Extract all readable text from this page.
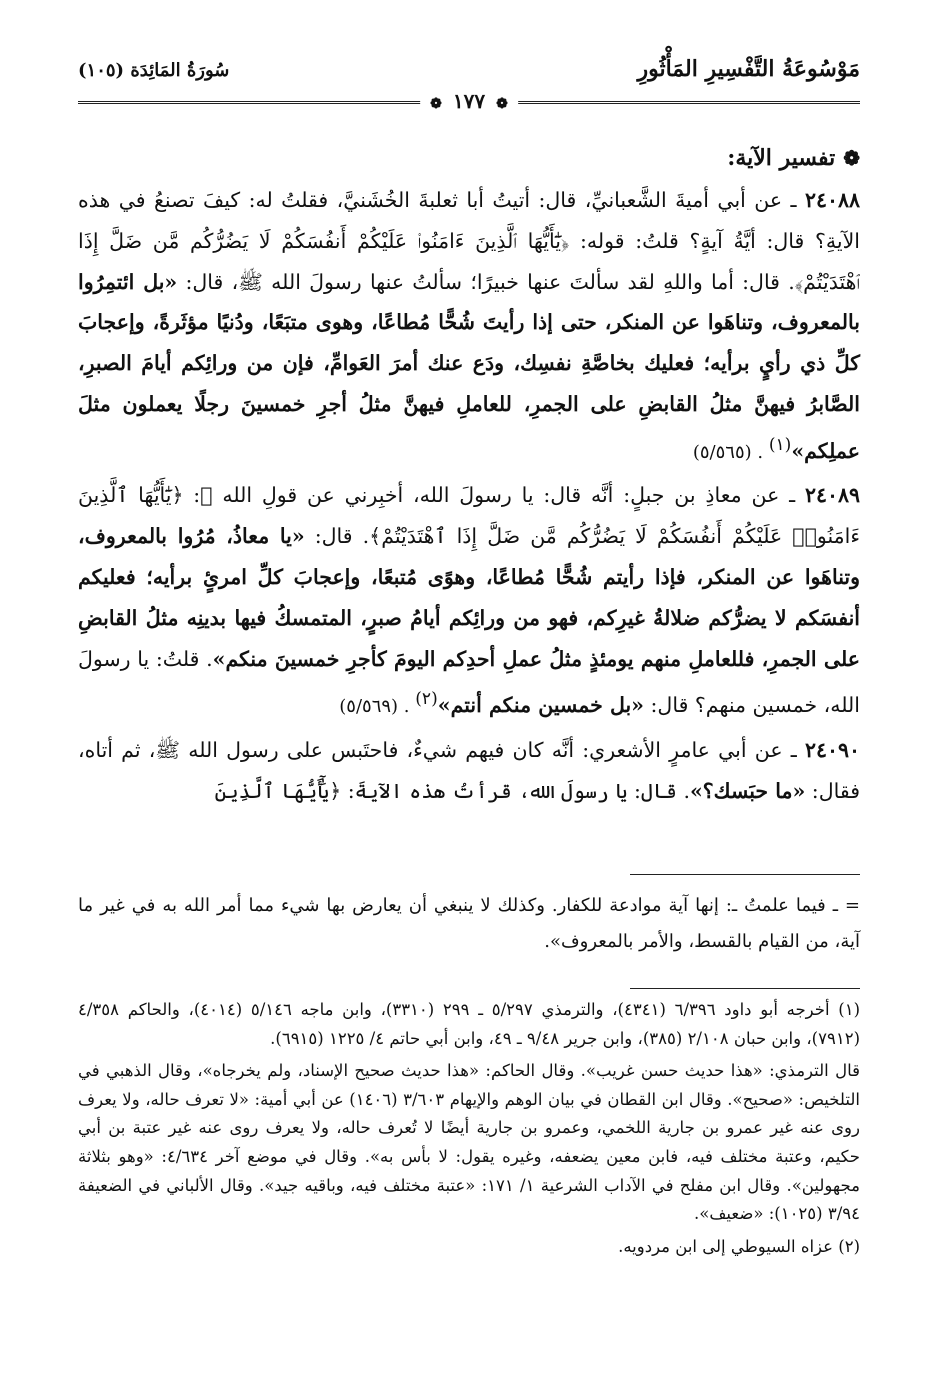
مَوْسُوعَةُ التَّفْسِيرِ المَأْثُورِ
سُورَةُ المَائِدَة (١٠٥)
❁ ١٧٧ ❁
❁تفسير الآية:

٢٤٠٨٨ ـ عن أبي أميةَ الشَّعبانيِّ، قال: أتيتُ أبا ثعلبةَ الخُشَنيَّ، فقلتُ له: كيفَ تصنعُ في هذه الآيةِ؟ قال: أيَّةُ آيةٍ؟ قلتُ: قوله: ﴿يَٰٓأَيُّهَا ٱلَّذِينَ ءَامَنُوا۟ عَلَيْكُمْ أَنفُسَكُمْ لَا يَضُرُّكُم مَّن ضَلَّ إِذَا ٱهْتَدَيْتُمْ﴾. قال: أما واللهِ لقد سألتَ عنها خبيرًا؛ سألتُ عنها رسولَ الله ﷺ، قال: «بل ائتمِرُوا بالمعروف، وتناهَوا عن المنكر، حتى إذا رأيتَ شُحًّا مُطاعًا، وهوى متبَعًا، ودُنيًا مؤثَرةً، وإعجابَ كلِّ ذي رأيٍ برأيه؛ فعليك بخاصَّةِ نفسِك، ودَع عنك أمرَ العَوامِّ، فإن من ورائِكم أيامَ الصبرِ، الصَّابرُ فيهنَّ مثلُ القابضِ على الجمرِ، للعاملِ فيهنَّ مثلُ أجرِ خمسينَ رجلًا يعملون مثلَ عملِكم»$^{(١)}$ . (٥/٥٦٥)

٢٤٠٨٩ ـ عن معاذِ بن جبلٍ: أنَّه قال: يا رسولَ الله، أخبِرني عن قولِ الله ﷻ: ﴿يَٰٓأَيُّهَا ٱلَّذِينَ ءَامَنُوا۟ عَلَيْكُمْ أَنفُسَكُمْ لَا يَضُرُّكُم مَّن ضَلَّ إِذَا ٱهْتَدَيْتُمْ﴾. قال: «يا معاذُ، مُرُوا بالمعروف، وتناهَوا عن المنكر، فإذا رأيتم شُحًّا مُطاعًا، وهوًى مُتبعًا، وإعجابَ كلِّ امرئٍ برأيه؛ فعليكم أنفسَكم لا يضرُّكم ضلالةُ غيرِكم، فهو من ورائِكم أيامُ صبرٍ، المتمسكُ فيها بدينِه مثلُ القابضِ على الجمرِ، فللعاملِ منهم يومئذٍ مثلُ عملِ أحدِكم اليومَ كأجرِ خمسينَ منكم». قلتُ: يا رسولَ الله، خمسين منهم؟ قال: «بل خمسين منكم أنتم»$^{(٢)}$ . (٥/٥٦٩)

٢٤٠٩٠ ـ عن أبي عامرٍ الأشعري: أنَّه كان فيهم شيءٌ، فاحتَبس على رسول الله ﷺ، ثم أتاه، فقال: «ما حبَسك؟». قال: يا رسولَ الله، قرأتُ هذه الآيةَ: ﴿يَٰٓأَيُّهَا ٱلَّذِينَ

= ـ فيما علمتُ ـ: إنها آية موادعة للكفار. وكذلك لا ينبغي أن يعارض بها شيء مما أمر الله به في غير ما آية، من القيام بالقسط، والأمر بالمعروف».

(١) أخرجه أبو داود ٦/٣٩٦ (٤٣٤١)، والترمذي ٥/٢٩٧ ـ ٢٩٩ (٣٣١٠)، وابن ماجه ٥/١٤٦ (٤٠١٤)، والحاكم ٤/٣٥٨ (٧٩١٢)، وابن حبان ٢/١٠٨ (٣٨٥)، وابن جرير ٩/٤٨ ـ ٤٩، وابن أبي حاتم ٤/ ١٢٢٥ (٦٩١٥).

قال الترمذي: «هذا حديث حسن غريب». وقال الحاكم: «هذا حديث صحيح الإسناد، ولم يخرجاه»، وقال الذهبي في التلخيص: «صحيح». وقال ابن القطان في بيان الوهم والإيهام ٣/٦٠٣ (١٤٠٦) عن أبي أمية: «لا تعرف حاله، ولا يعرف روى عنه غير عمرو بن جارية اللخمي، وعمرو بن جارية أيضًا لا تُعرف حاله، ولا يعرف روى عنه غير عتبة بن أبي حكيم، وعتبة مختلف فيه، فابن معين يضعفه، وغيره يقول: لا بأس به». وقال في موضع آخر ٤/٦٣٤: «وهو بثلاثة مجهولين». وقال ابن مفلح في الآداب الشرعية ١/ ١٧١: «عتبة مختلف فيه، وباقيه جيد». وقال الألباني في الضعيفة ٣/٩٤ (١٠٢٥): «ضعيف».

(٢) عزاه السيوطي إلى ابن مردويه.
